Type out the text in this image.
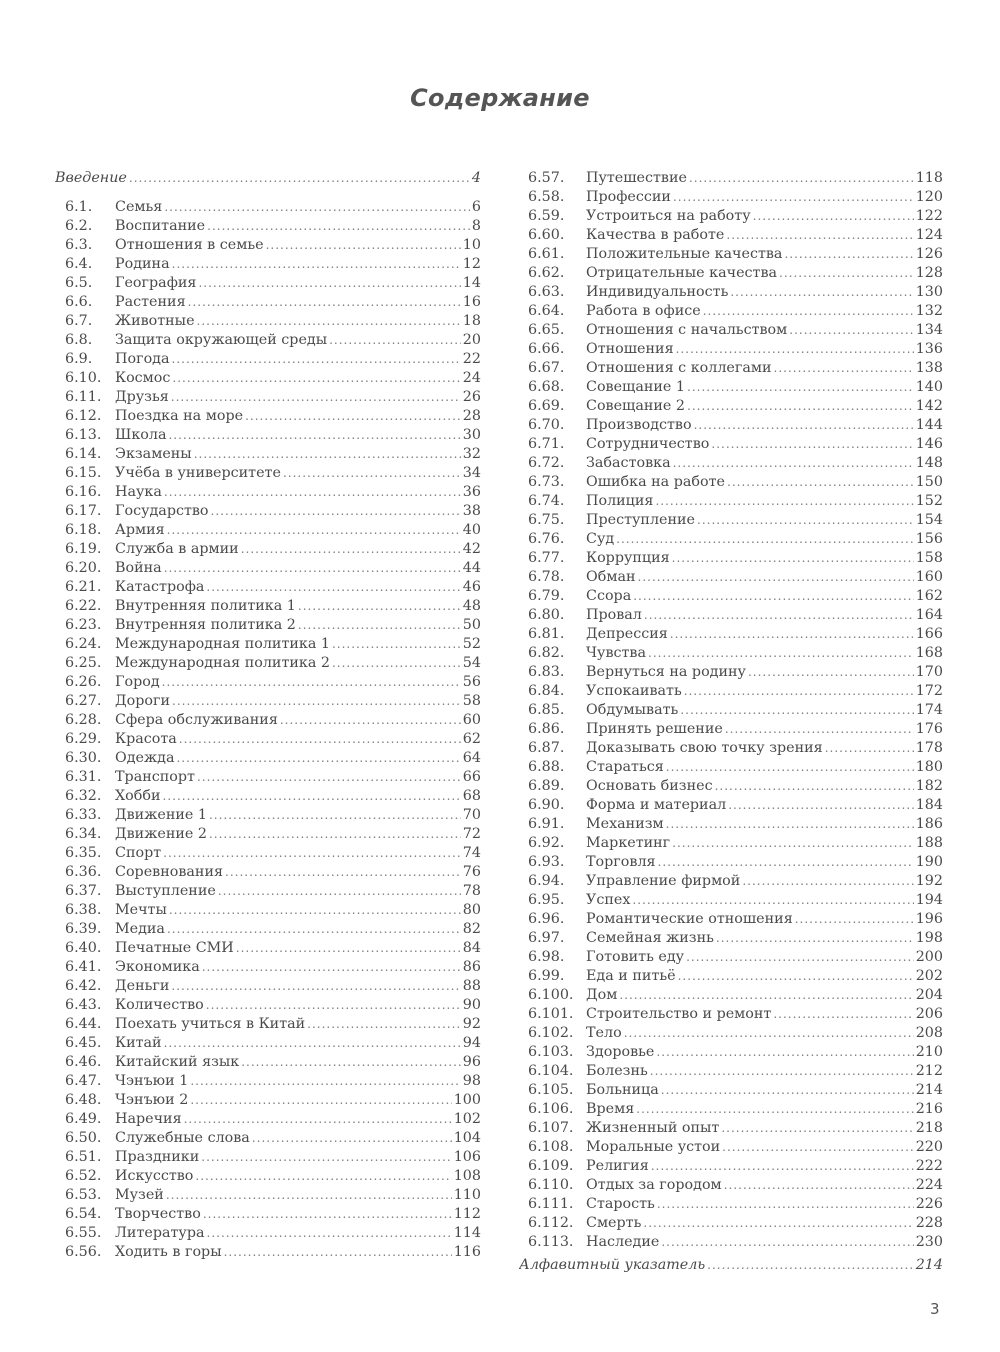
Содержание
Введение .....	4
6.1.	Семья .....	6
6.2.	Воспитание .....	8
6.3.	Отношения в семье .....	10
6.4.	Родина .....	12
6.5.	География .....	14
6.6.	Растения .....	16
6.7.	Животные .....	18
6.8.	Защита окружающей среды .....	20
6.9.	Погода .....	22
6.10. Космос .....	24
6.11. Друзья .....	26
6.12. Поездка на море .....	28
6.13. Школа .....	30
6.14. Экзамены .....	32
6.15. Учёба в университете .....	34
6.16. Наука .....	36
6.17. Государство .....	38
6.18. Армия .....	40
6.19. Служба в армии .....	42
6.20. Война .....	44
6.21. Катастрофа .....	46
6.22. Внутренняя политика 1 .....	48
6.23. Внутренняя политика 2 .....	50
6.24. Международная политика 1 .....	52
6.25. Международная политика 2 .....	54
6.26. Город .....	56
6.27. Дороги .....	58
6.28. Сфера обслуживания .....	60
6.29. Красота .....	62
6.30. Одежда .....	64
6.31. Транспорт .....	66
6.32. Хобби .....	68
6.33. Движение 1 .....	70
6.34. Движение 2 .....	72
6.35. Спорт .....	74
6.36. Соревнования .....	76
6.37. Выступление .....	78
6.38. Мечты .....	80
6.39. Медиа .....	82
6.40. Печатные СМИ .....	84
6.41. Экономика .....	86
6.42. Деньги .....	88
6.43. Количество .....	90
6.44. Поехать учиться в Китай .....	92
6.45. Китай .....	94
6.46. Китайский язык .....	96
6.47. Чэнъюи 1 .....	98
6.48. Чэнъюи 2 .....	100
6.49. Наречия .....	102
6.50. Служебные слова .....	104
6.51. Праздники .....	106
6.52. Искусство .....	108
6.53. Музей .....	110
6.54. Творчество .....	112
6.55. Литература .....	114
6.56. Ходить в горы .....	116
6.57.	Путешествие .....	118
6.58.	Профессии .....	120
6.59.	Устроиться на работу .....	122
6.60.	Качества в работе .....	124
6.61.	Положительные качества .....	126
6.62.	Отрицательные качества .....	128
6.63.	Индивидуальность .....	130
6.64.	Работа в офисе .....	132
6.65.	Отношения с начальством .....	134
6.66.	Отношения .....	136
6.67.	Отношения с коллегами .....	138
6.68.	Совещание 1 .....	140
6.69.	Совещание 2 .....	142
6.70.	Производство .....	144
6.71.	Сотрудничество .....	146
6.72.	Забастовка .....	148
6.73.	Ошибка на работе .....	150
6.74.	Полиция .....	152
6.75.	Преступление .....	154
6.76.	Суд .....	156
6.77.	Коррупция .....	158
6.78.	Обман .....	160
6.79.	Ссора .....	162
6.80.	Провал .....	164
6.81.	Депрессия .....	166
6.82.	Чувства .....	168
6.83.	Вернуться на родину .....	170
6.84.	Успокаивать .....	172
6.85.	Обдумывать .....	174
6.86.	Принять решение .....	176
6.87.	Доказывать свою точку зрения .....	178
6.88.	Стараться .....	180
6.89.	Основать бизнес .....	182
6.90.	Форма и материал .....	184
6.91.	Механизм .....	186
6.92.	Маркетинг .....	188
6.93.	Торговля .....	190
6.94.	Управление фирмой .....	192
6.95.	Успех .....	194
6.96.	Романтические отношения .....	196
6.97.	Семейная жизнь .....	198
6.98.	Готовить еду .....	200
6.99.	Еда и питьё .....	202
6.100. Дом .....	204
6.101. Строительство и ремонт .....	206
6.102. Тело .....	208
6.103. Здоровье .....	210
6.104. Болезнь .....	212
6.105. Больница .....	214
6.106. Время .....	216
6.107. Жизненный опыт .....	218
6.108. Моральные устои .....	220
6.109. Религия .....	222
6.110. Отдых за городом .....	224
6.111. Старость .....	226
6.112. Смерть .....	228
6.113. Наследие .....	230
Алфавитный указатель .....	214
3
